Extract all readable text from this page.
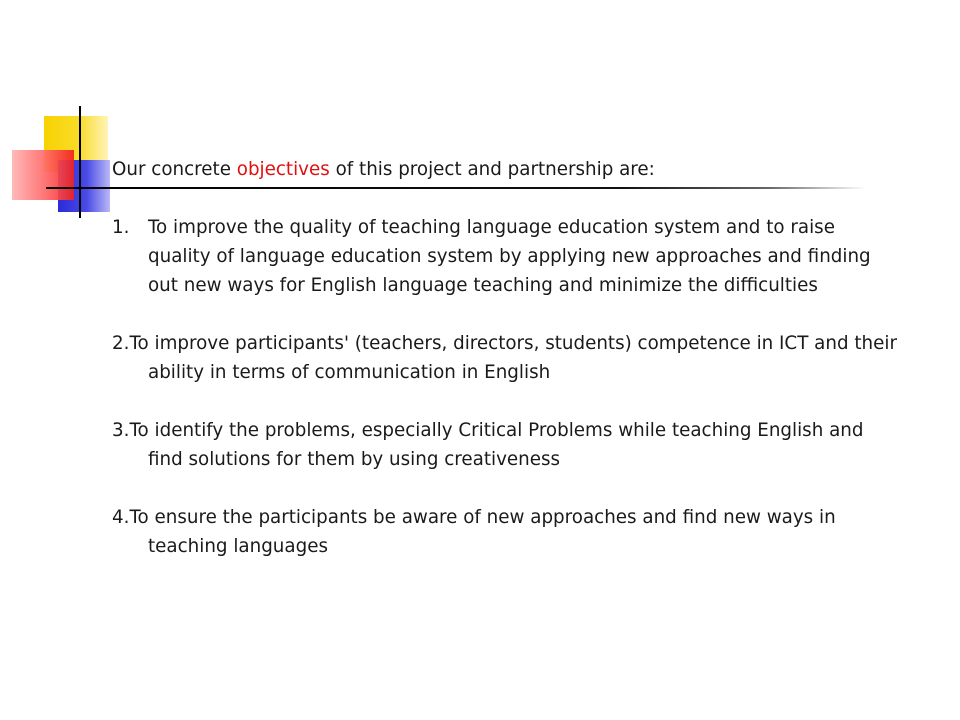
Our concrete objectives of this project and partnership are:

1. To improve the quality of teaching language education system and to raise quality of language education system by applying new approaches and finding out new ways for English language teaching and minimize the difficulties
2.To improve participants' (teachers, directors, students) competence in ICT and their ability in terms of communication in English
3.To identify the problems, especially Critical Problems while teaching English and find solutions for them by using creativeness
4.To ensure the participants be aware of new approaches and find new ways in teaching languages
